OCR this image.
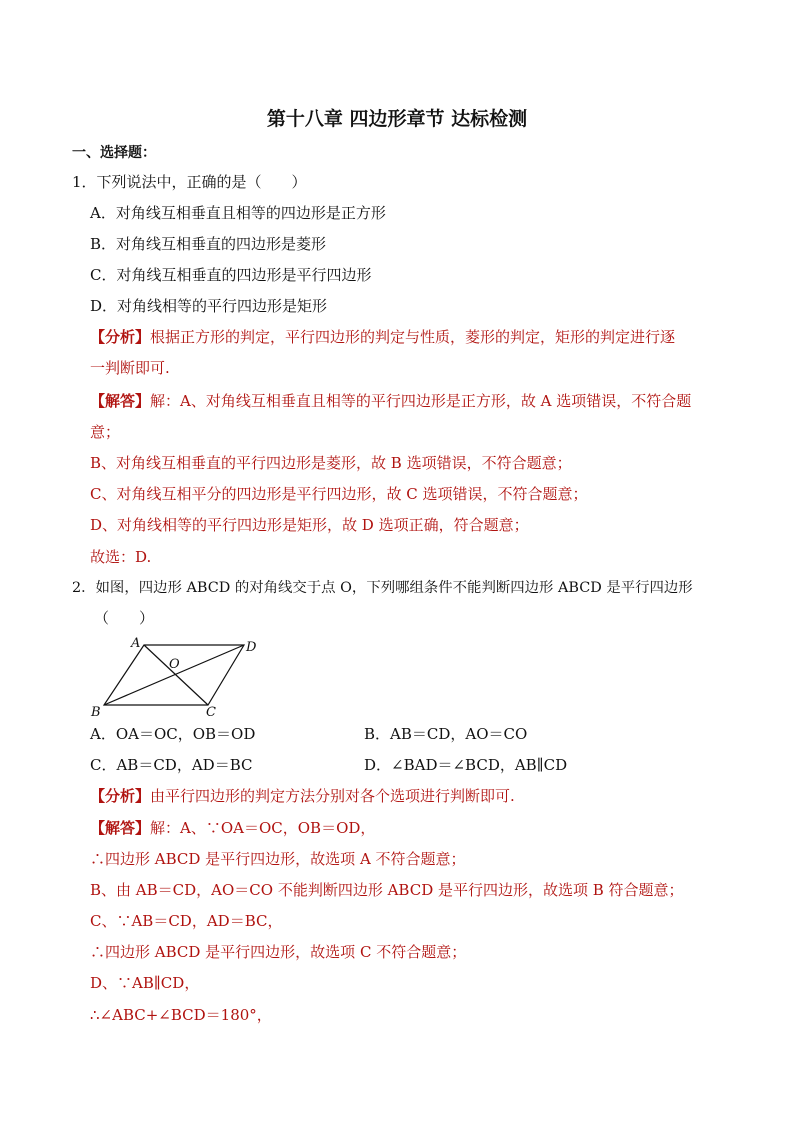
第十八章 四边形章节 达标检测
一、选择题：
1．下列说法中，正确的是（　　）
A．对角线互相垂直且相等的四边形是正方形
B．对角线互相垂直的四边形是菱形
C．对角线互相垂直的四边形是平行四边形
D．对角线相等的平行四边形是矩形
【分析】根据正方形的判定，平行四边形的判定与性质，菱形的判定，矩形的判定进行逐
一判断即可.
【解答】解：A、对角线互相垂直且相等的平行四边形是正方形，故 A 选项错误，不符合题
意；
B、对角线互相垂直的平行四边形是菱形，故 B 选项错误，不符合题意；
C、对角线互相平分的四边形是平行四边形，故 C 选项错误，不符合题意；
D、对角线相等的平行四边形是矩形，故 D 选项正确，符合题意；
故选：D.
2．如图，四边形 ABCD 的对角线交于点 O，下列哪组条件不能判断四边形 ABCD 是平行四边形
（　　）
A	D
O
B	C
A．OA＝OC，OB＝OD	B．AB＝CD，AO＝CO
C．AB＝CD，AD＝BC	D．∠BAD＝∠BCD，AB∥CD
【分析】由平行四边形的判定方法分别对各个选项进行判断即可.
【解答】解：A、∵OA＝OC，OB＝OD，
∴四边形 ABCD 是平行四边形，故选项 A 不符合题意；
B、由 AB＝CD，AO＝CO 不能判断四边形 ABCD 是平行四边形，故选项 B 符合题意；
C、∵AB＝CD，AD＝BC，
∴四边形 ABCD 是平行四边形，故选项 C 不符合题意；
D、∵AB∥CD，
∴∠ABC+∠BCD＝180°，
